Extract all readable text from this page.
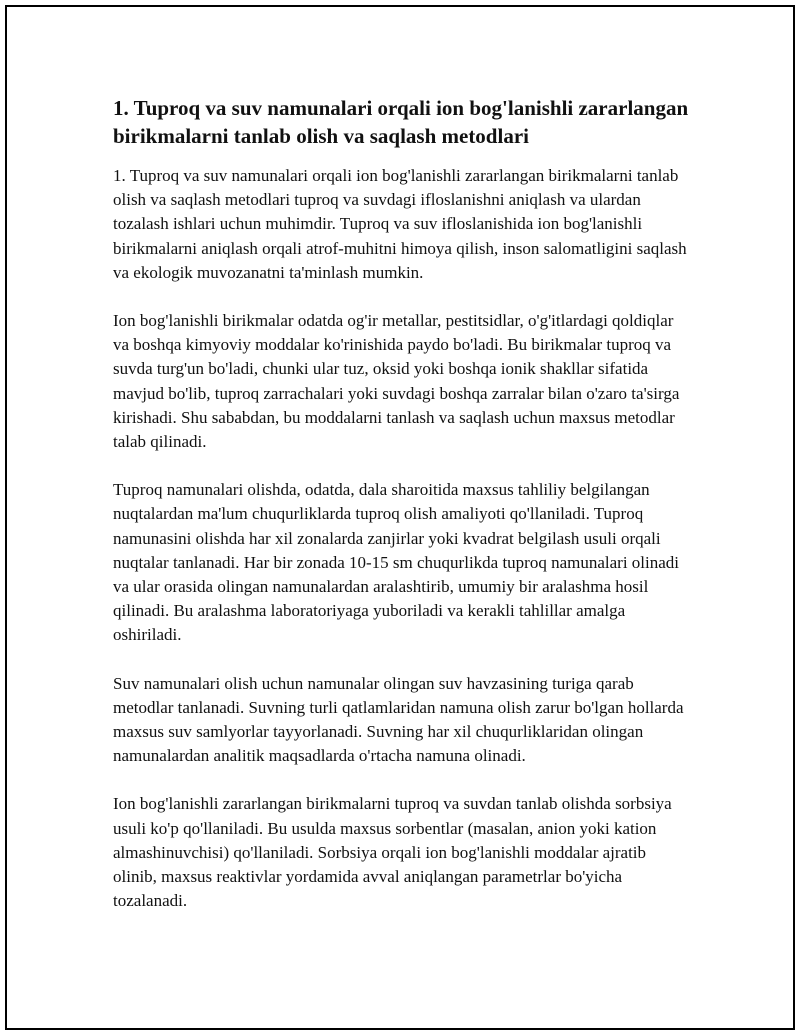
1. Tuproq va suv namunalari orqali ion bog'lanishli zararlangan birikmalarni tanlab olish va saqlash metodlari

1. Tuproq va suv namunalari orqali ion bog'lanishli zararlangan birikmalarni tanlab olish va saqlash metodlari tuproq va suvdagi ifloslanishni aniqlash va ulardan tozalash ishlari uchun muhimdir. Tuproq va suv ifloslanishida ion bog'lanishli birikmalarni aniqlash orqali atrof-muhitni himoya qilish, inson salomatligini saqlash va ekologik muvozanatni ta'minlash mumkin.

Ion bog'lanishli birikmalar odatda og'ir metallar, pestitsidlar, o'g'itlardagi qoldiqlar va boshqa kimyoviy moddalar ko'rinishida paydo bo'ladi. Bu birikmalar tuproq va suvda turg'un bo'ladi, chunki ular tuz, oksid yoki boshqa ionik shakllar sifatida mavjud bo'lib, tuproq zarrachalari yoki suvdagi boshqa zarralar bilan o'zaro ta'sirga kirishadi. Shu sababdan, bu moddalarni tanlash va saqlash uchun maxsus metodlar talab qilinadi.

Tuproq namunalari olishda, odatda, dala sharoitida maxsus tahliliy belgilangan nuqtalardan ma'lum chuqurliklarda tuproq olish amaliyoti qo'llaniladi. Tuproq namunasini olishda har xil zonalarda zanjirlar yoki kvadrat belgilash usuli orqali nuqtalar tanlanadi. Har bir zonada 10-15 sm chuqurlikda tuproq namunalari olinadi va ular orasida olingan namunalardan aralashtirib, umumiy bir aralashma hosil qilinadi. Bu aralashma laboratoriyaga yuboriladi va kerakli tahlillar amalga oshiriladi.

Suv namunalari olish uchun namunalar olingan suv havzasining turiga qarab metodlar tanlanadi. Suvning turli qatlamlaridan namuna olish zarur bo'lgan hollarda maxsus suv samlyorlar tayyorlanadi. Suvning har xil chuqurliklaridan olingan namunalardan analitik maqsadlarda o'rtacha namuna olinadi.

Ion bog'lanishli zararlangan birikmalarni tuproq va suvdan tanlab olishda sorbsiya usuli ko'p qo'llaniladi. Bu usulda maxsus sorbentlar (masalan, anion yoki kation almashinuvchisi) qo'llaniladi. Sorbsiya orqali ion bog'lanishli moddalar ajratib olinib, maxsus reaktivlar yordamida avval aniqlangan parametrlar bo'yicha tozalanadi.
